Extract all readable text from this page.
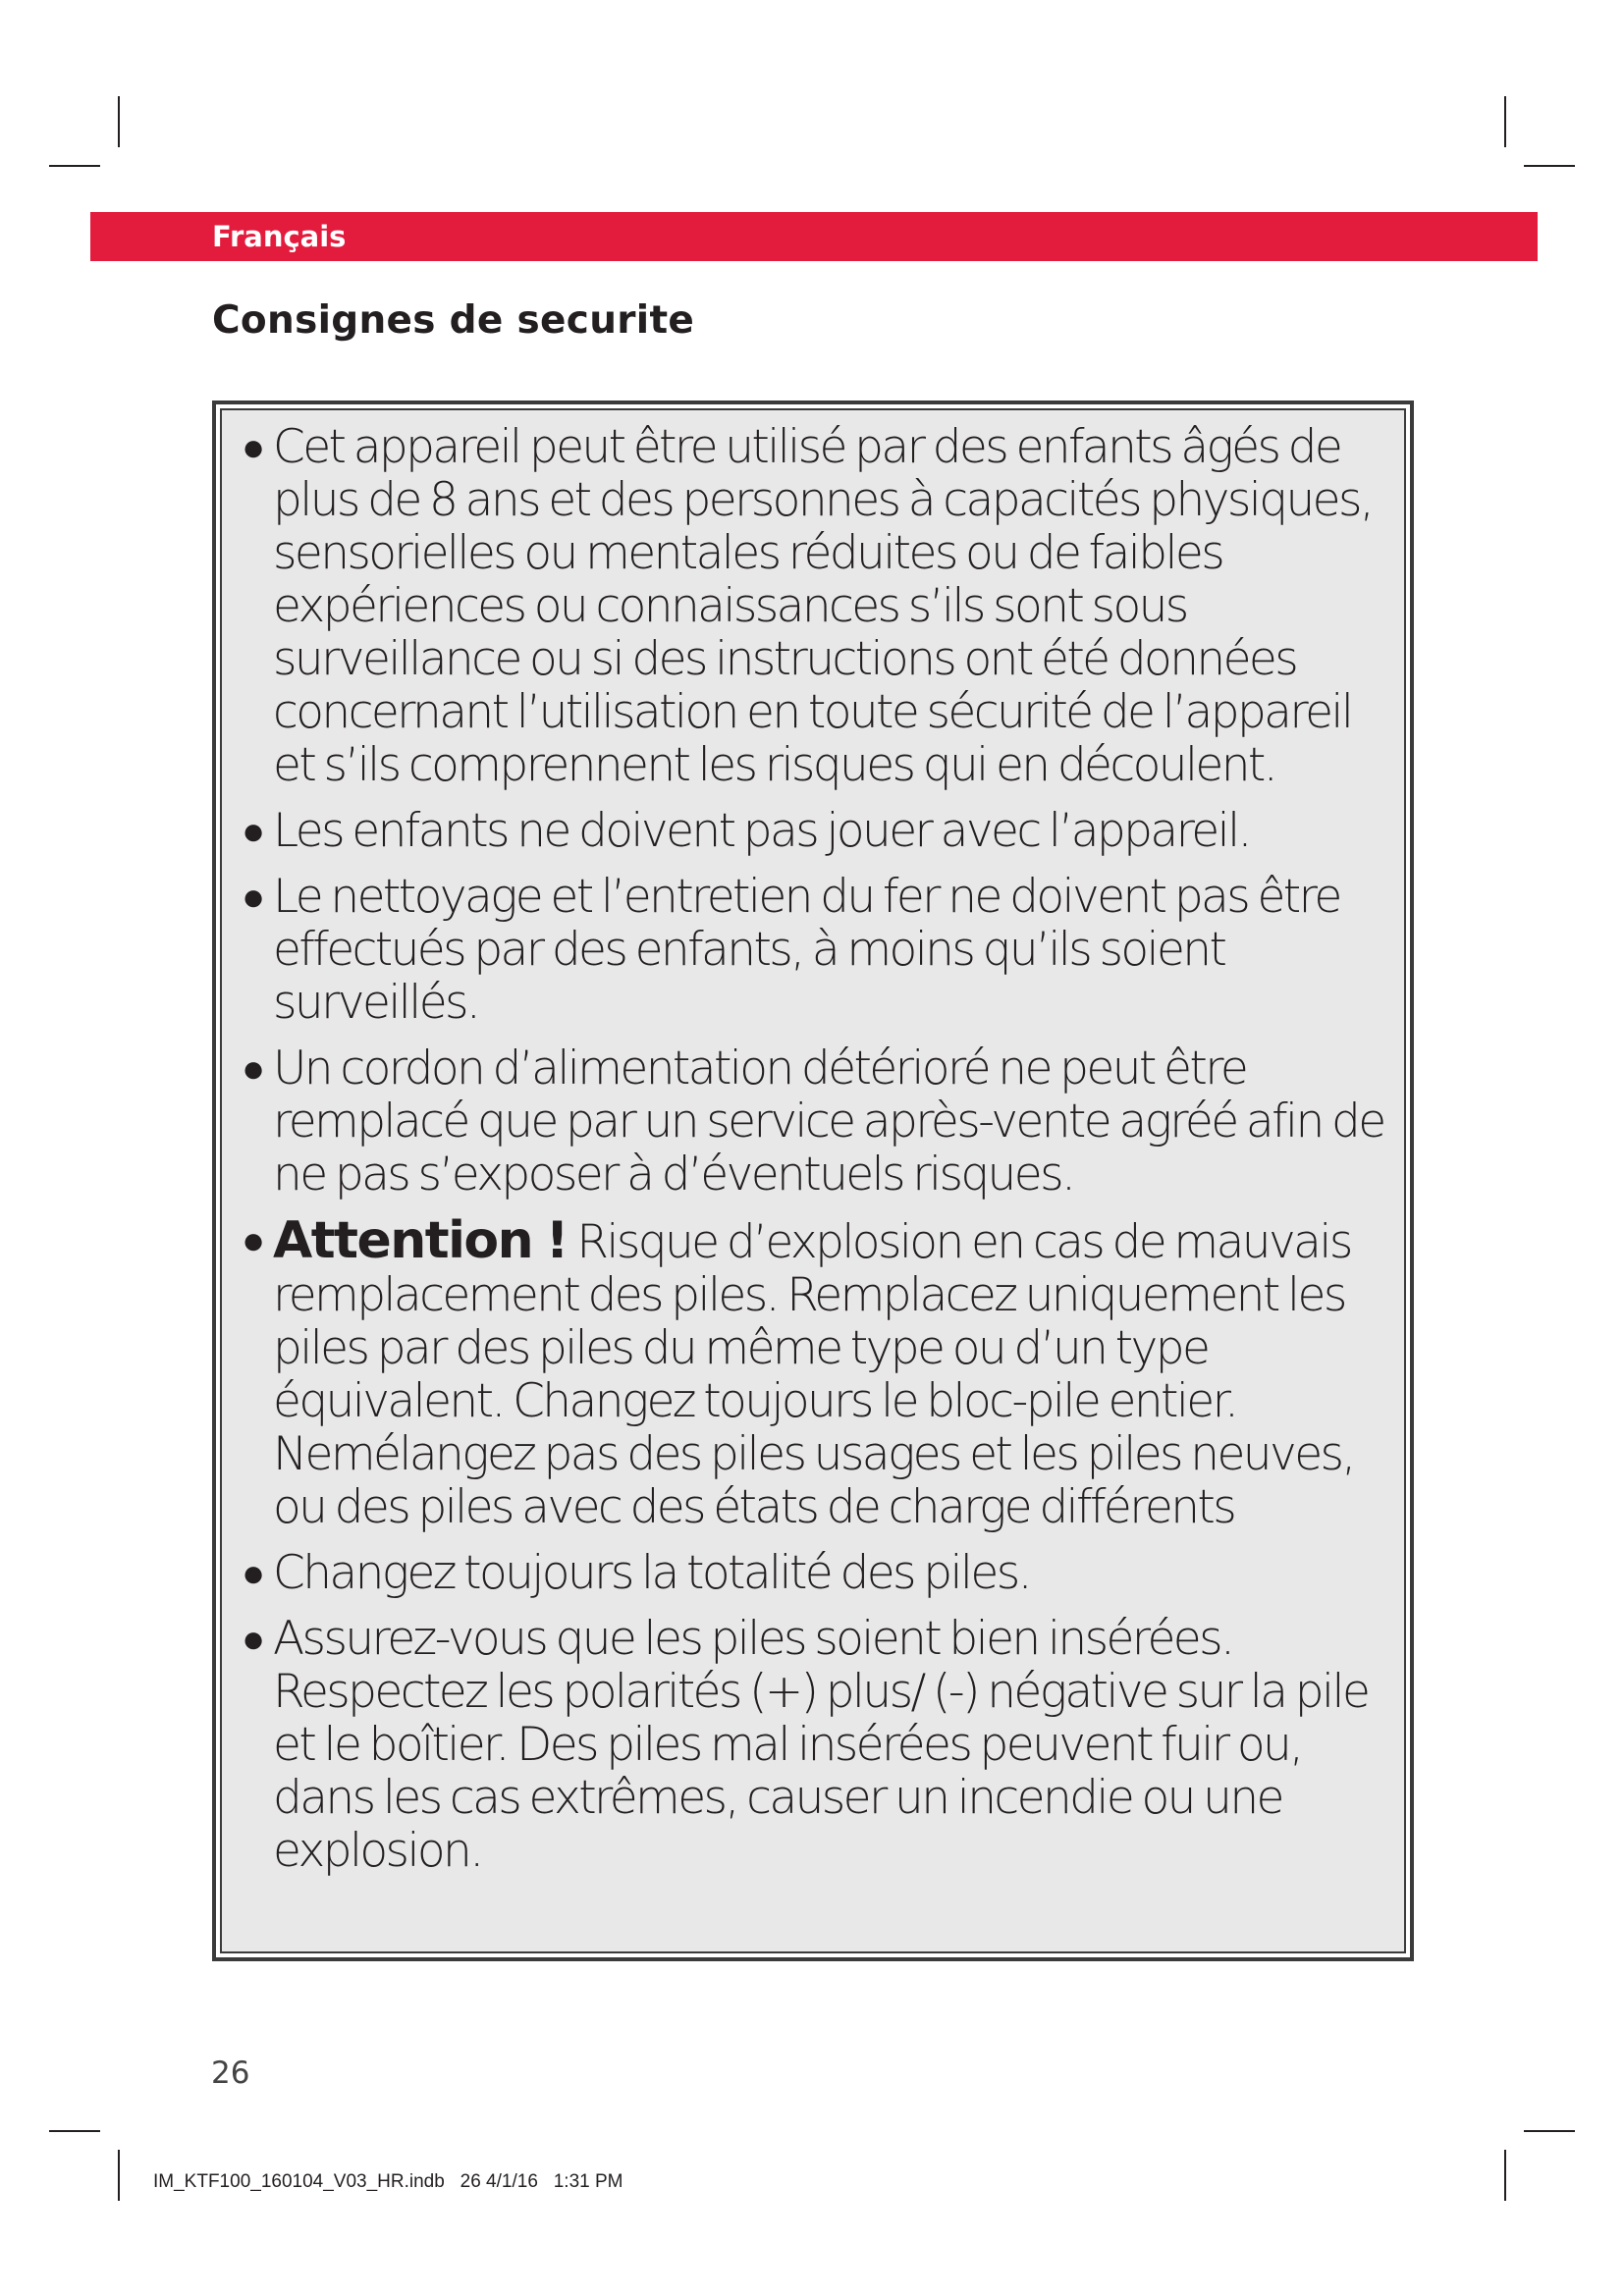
Français
Consignes de securite
● Cet appareil peut être utilisé par des enfants âgés de plus de 8 ans et des personnes à capacités physiques, sensorielles ou mentales réduites ou de faibles expériences ou connaissances s’ils sont sous surveillance ou si des instructions ont été données concernant l’utilisation en toute sécurité de l’appareil et s’ils comprennent les risques qui en découlent.
● Les enfants ne doivent pas jouer avec l’appareil.
● Le nettoyage et l’entretien du fer ne doivent pas être effectués par des enfants, à moins qu’ils soient surveillés.
● Un cordon d’alimentation détérioré ne peut être remplacé que par un service après-vente agréé afin de ne pas s’exposer à d’éventuels risques.
● Attention ! Risque d’explosion en cas de mauvais remplacement des piles. Remplacez uniquement les piles par des piles du même type ou d’un type équivalent. Changez toujours le bloc-pile entier. Nemélangez pas des piles usages et les piles neuves, ou des piles avec des états de charge différents
● Changez toujours la totalité des piles.
● Assurez-vous que les piles soient bien insérées. Respectez les polarités (+) plus/ (-) négative sur la pile et le boîtier. Des piles mal insérées peuvent fuir ou, dans les cas extrêmes, causer un incendie ou une explosion.
26
IM_KTF100_160104_V03_HR.indb   26 4/1/16   1:31 PM
